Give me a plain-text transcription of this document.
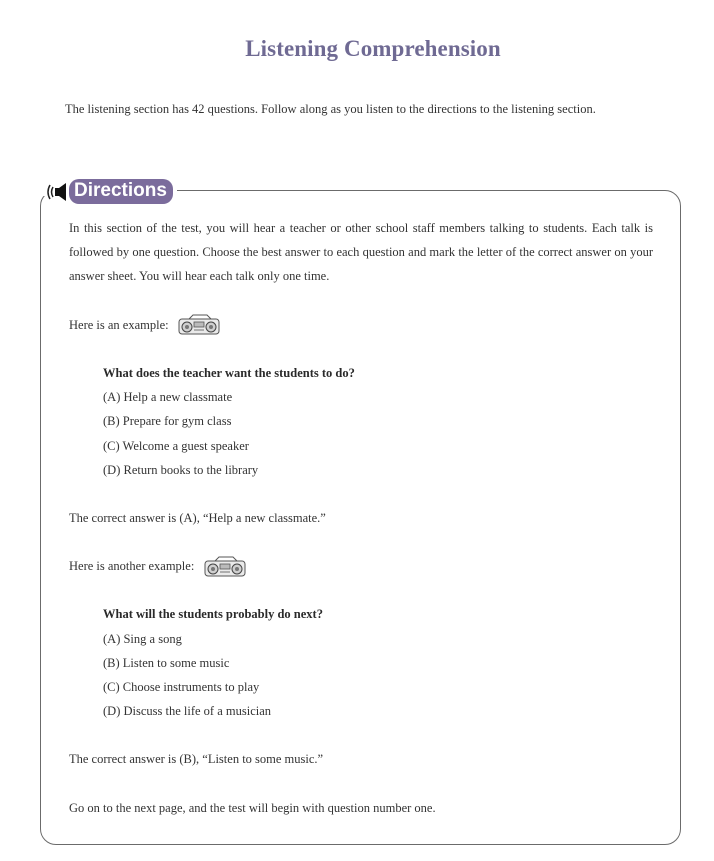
Listening Comprehension
The listening section has 42 questions. Follow along as you listen to the directions to the listening section.
Directions
In this section of the test, you will hear a teacher or other school staff members talking to students. Each talk is followed by one question. Choose the best answer to each question and mark the letter of the correct answer on your answer sheet. You will hear each talk only one time.
Here is an example:
What does the teacher want the students to do?
(A) Help a new classmate
(B) Prepare for gym class
(C) Welcome a guest speaker
(D) Return books to the library
The correct answer is (A), “Help a new classmate.”
Here is another example:
What will the students probably do next?
(A) Sing a song
(B) Listen to some music
(C) Choose instruments to play
(D) Discuss the life of a musician
The correct answer is (B), “Listen to some music.”
Go on to the next page, and the test will begin with question number one.
